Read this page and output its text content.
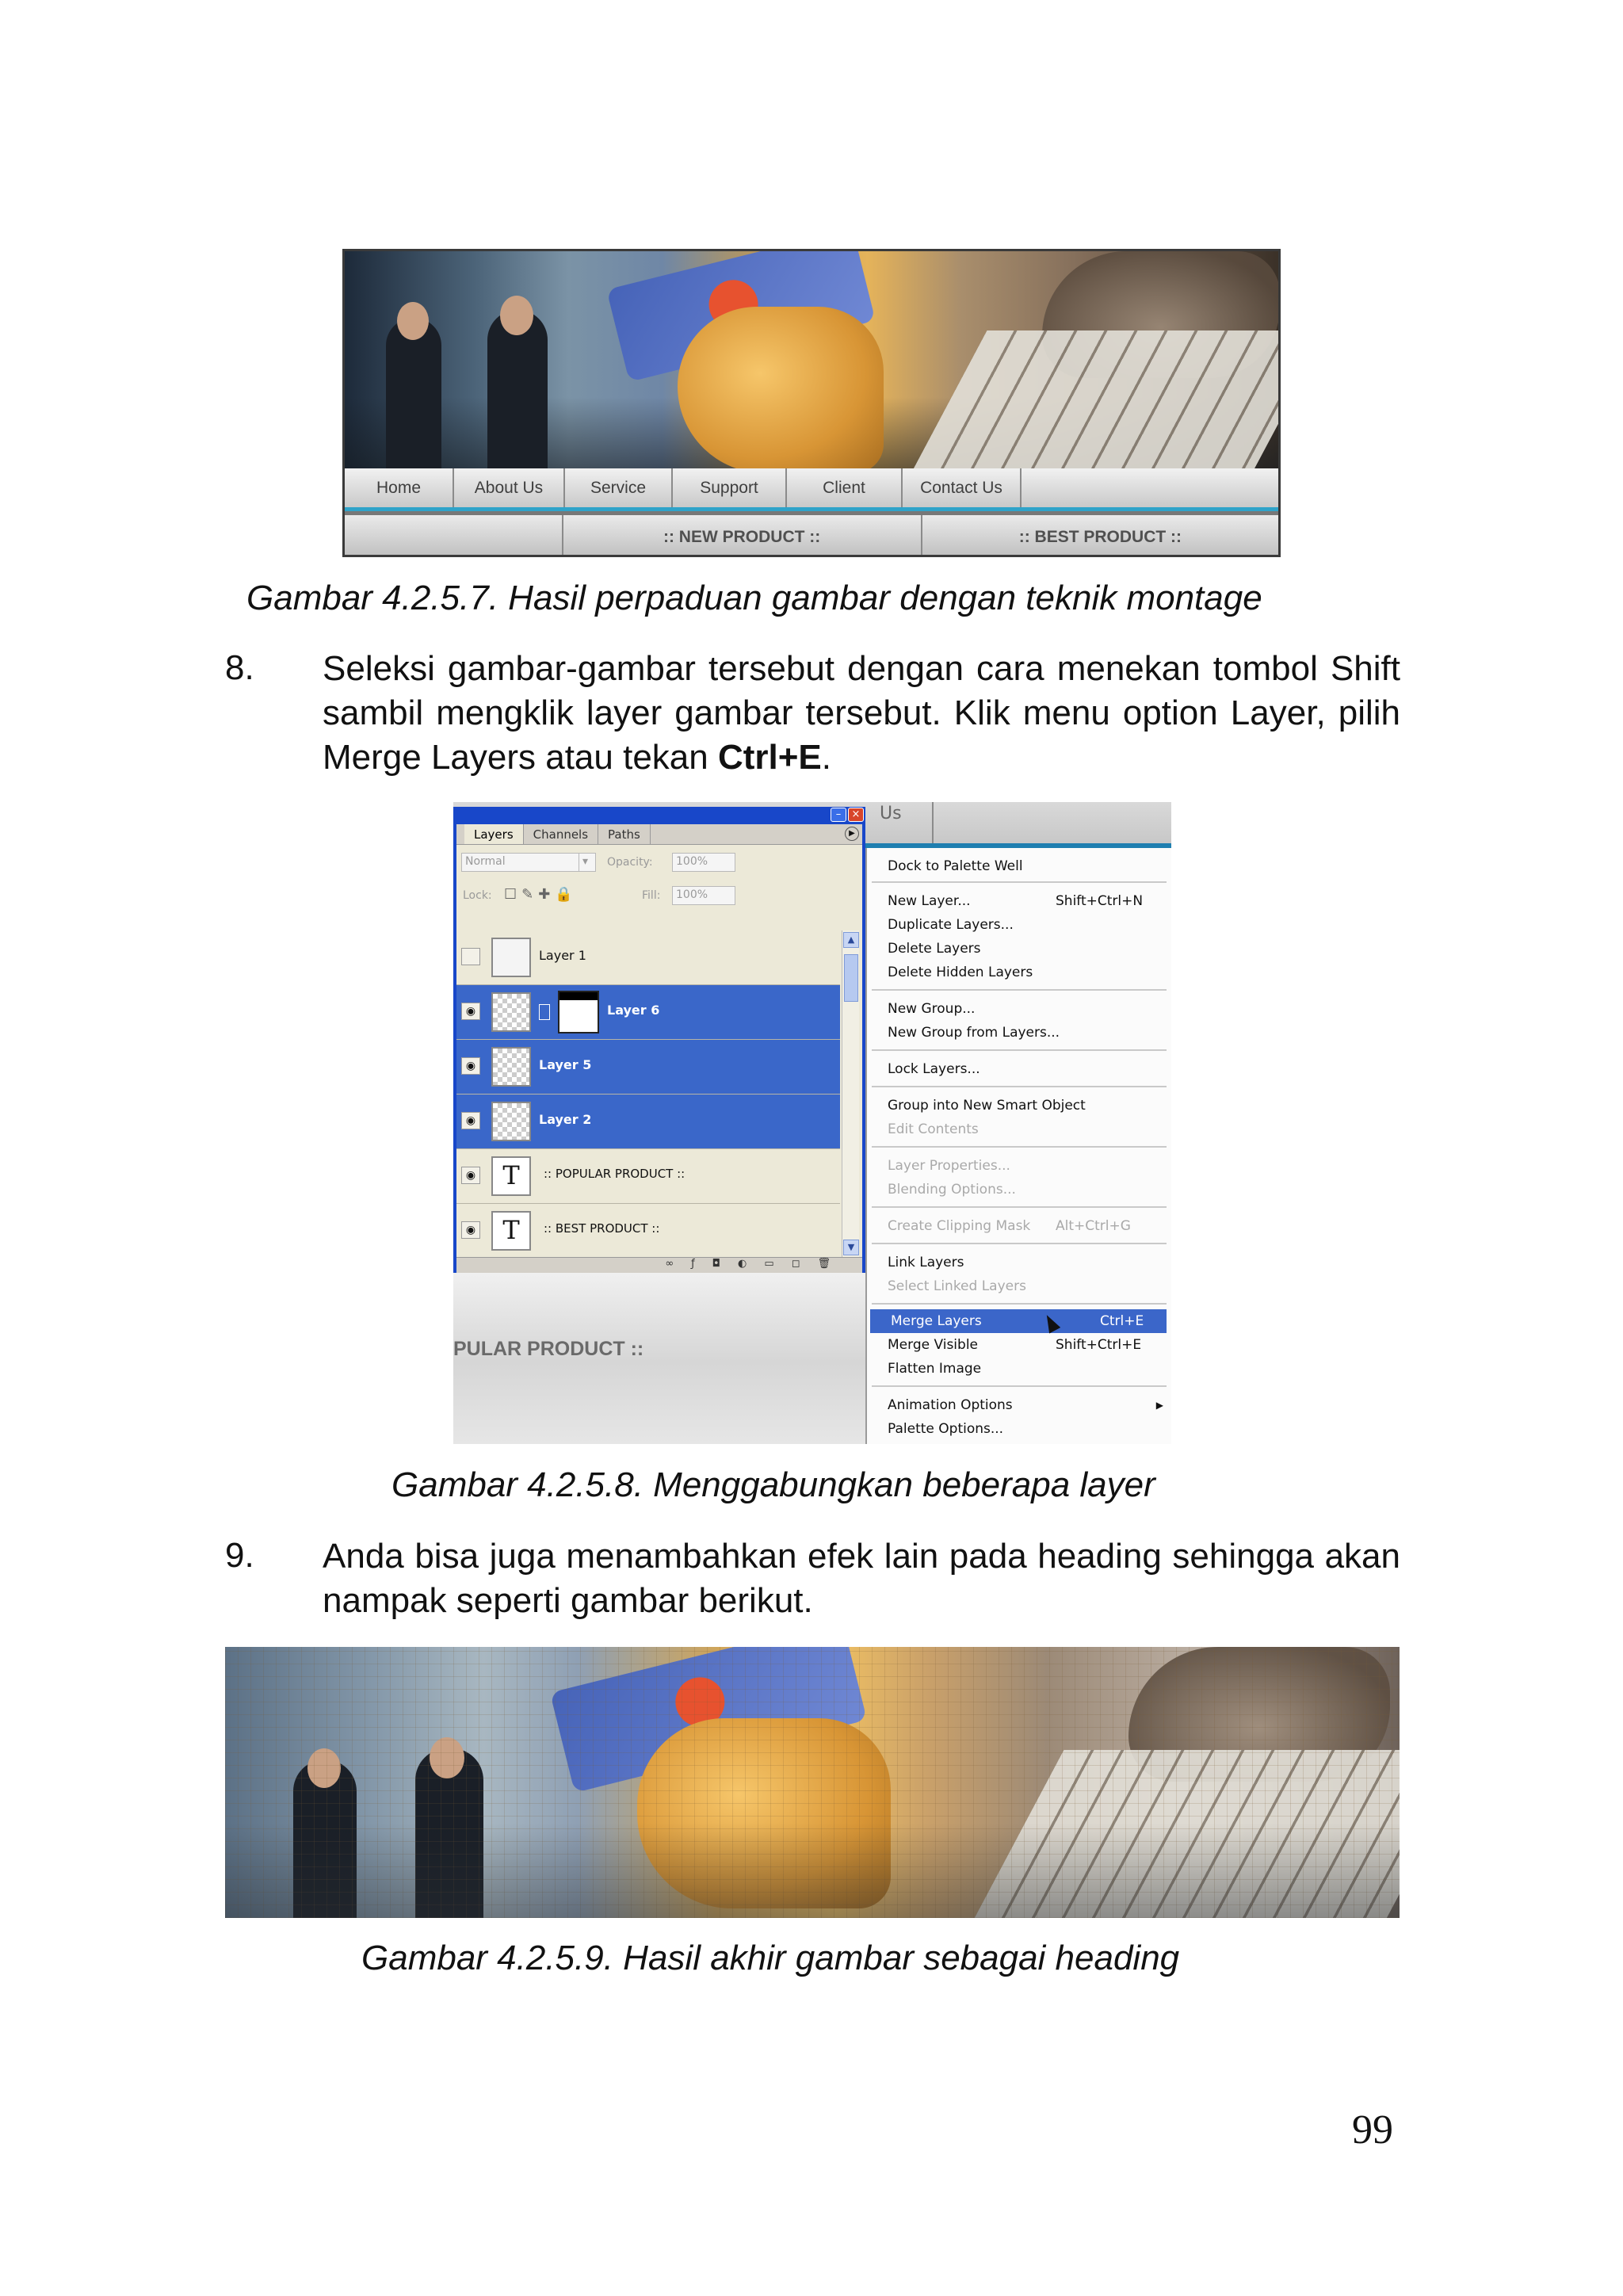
Home	About Us	Service	Support	Client	Contact Us
:: NEW PRODUCT ::	:: BEST PRODUCT ::
Gambar 4.2.5.7. Hasil perpaduan gambar dengan teknik montage
8. Seleksi gambar-gambar tersebut dengan cara menekan tombol Shift sambil mengklik layer gambar tersebut. Klik menu option Layer, pilih Merge Layers atau tekan Ctrl+E.
Us
PULAR PRODUCT ::
–	×
Layers	Channels	Paths	▶
Normal	▾	Opacity:	100%
Lock: ☐✎✚🔒	Fill:	100%
Layer 1
◉	Layer 6
◉	Layer 5
◉	Layer 2
◉	T	:: POPULAR PRODUCT ::
◉	T	:: BEST PRODUCT ::
▲
▼
∞ ƒ ◘ ◐ ▭ ◻ 🗑
Dock to Palette Well
New Layer...	Shift+Ctrl+N
Duplicate Layers...
Delete Layers
Delete Hidden Layers
New Group...
New Group from Layers...
Lock Layers...
Group into New Smart Object
Edit Contents
Layer Properties...
Blending Options...
Create Clipping Mask Alt+Ctrl+G
Link Layers
Select Linked Layers
Merge Layers	Ctrl+E
Merge Visible	Shift+Ctrl+E
Flatten Image
Animation Options	▶
Palette Options...
Gambar 4.2.5.8. Menggabungkan beberapa layer
9. Anda bisa juga menambahkan efek lain pada heading sehingga akan nampak seperti gambar berikut.
Gambar 4.2.5.9. Hasil akhir gambar sebagai heading
99
